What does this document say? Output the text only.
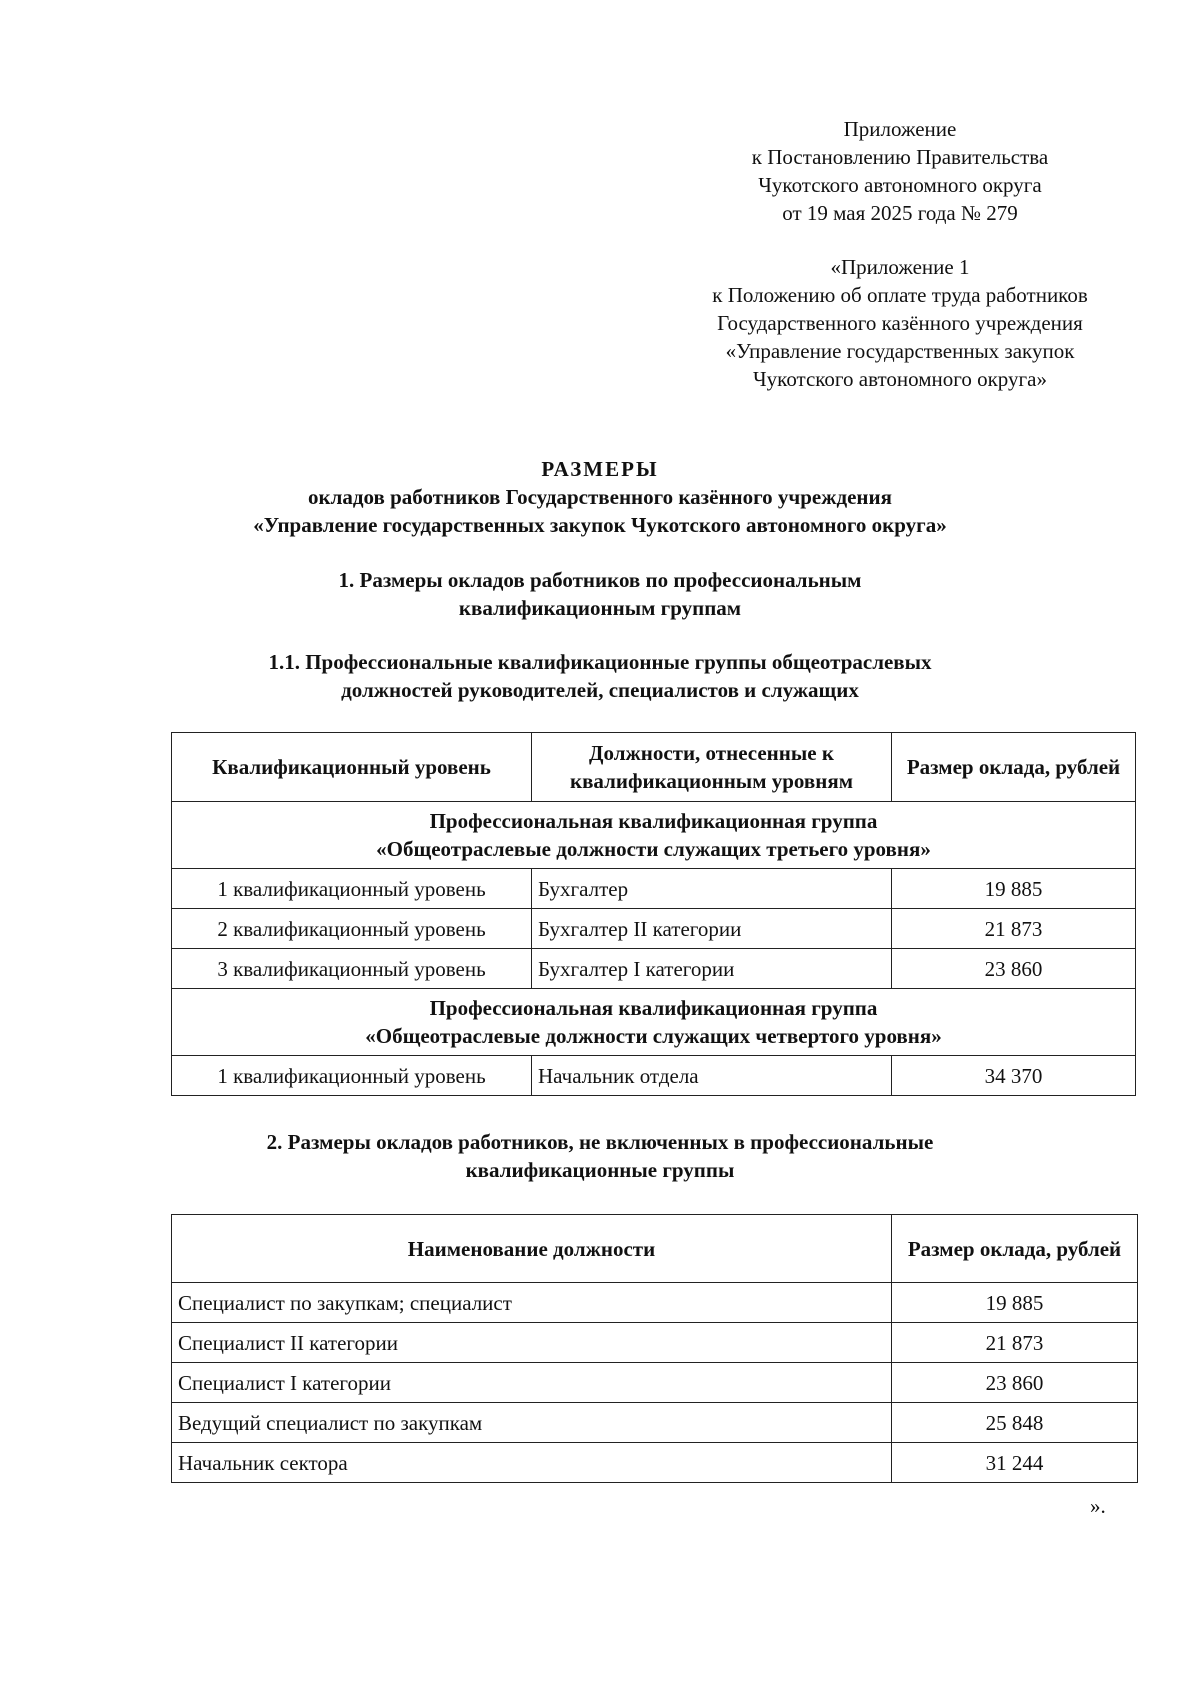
Приложение
к Постановлению Правительства
Чукотского автономного округа
от 19 мая 2025 года № 279
«Приложение 1
к Положению об оплате труда работников
Государственного казённого учреждения
«Управление государственных закупок
Чукотского автономного округа»
РАЗМЕРЫ
окладов работников Государственного казённого учреждения
«Управление государственных закупок Чукотского автономного округа»
1. Размеры окладов работников по профессиональным
квалификационным группам
1.1. Профессиональные квалификационные группы общеотраслевых
должностей руководителей, специалистов и служащих
Квалификационный уровень	Должности, отнесенные к квалификационным уровням	Размер оклада, рублей

Профессиональная квалификационная группа
«Общеотраслевые должности служащих третьего уровня»		

1 квалификационный уровень	Бухгалтер	19 885
2 квалификационный уровень	Бухгалтер II категории	21 873
3 квалификационный уровень	Бухгалтер I категории	23 860

Профессиональная квалификационная группа
«Общеотраслевые должности служащих четвертого уровня»		

1 квалификационный уровень	Начальник отдела	34 370
2. Размеры окладов работников, не включенных в профессиональные
квалификационные группы
Наименование должности	Размер оклада, рублей
Специалист по закупкам; специалист	19 885
Специалист II категории	21 873
Специалист I категории	23 860
Ведущий специалист по закупкам	25 848
Начальник сектора	31 244
».
